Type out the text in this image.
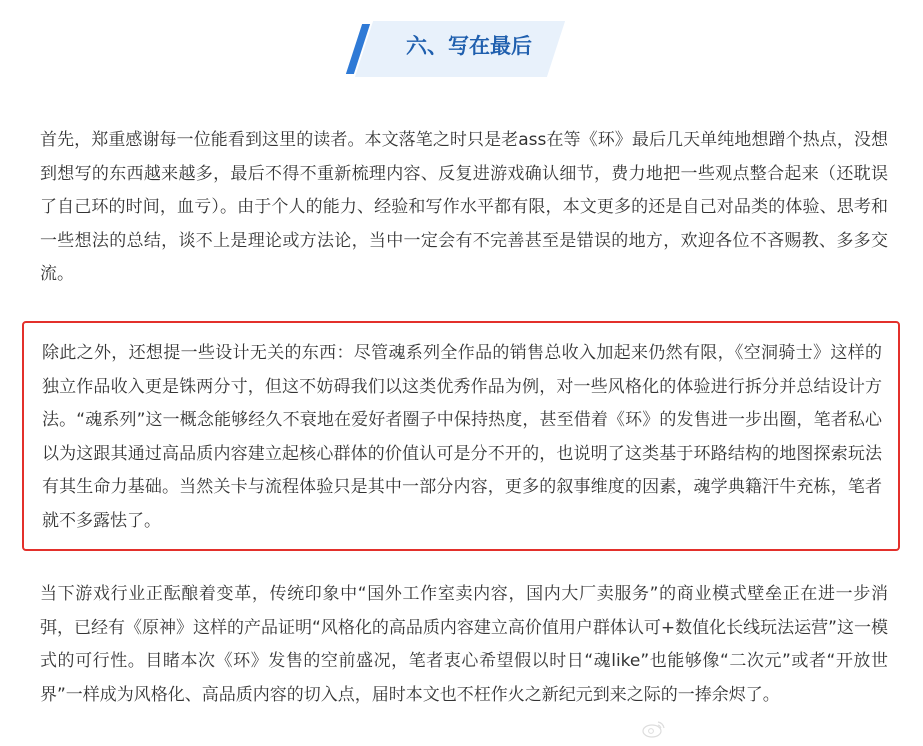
六、写在最后

首先，郑重感谢每一位能看到这里的读者。本文落笔之时只是老ass在等《环》最后几天单纯地想蹭个热点，没想到想写的东西越来越多，最后不得不重新梳理内容、反复进游戏确认细节，费力地把一些观点整合起来（还耽误了自己环的时间，血亏）。由于个人的能力、经验和写作水平都有限，本文更多的还是自己对品类的体验、思考和一些想法的总结，谈不上是理论或方法论，当中一定会有不完善甚至是错误的地方，欢迎各位不吝赐教、多多交流。

除此之外，还想提一些设计无关的东西：尽管魂系列全作品的销售总收入加起来仍然有限，《空洞骑士》这样的独立作品收入更是铢两分寸，但这不妨碍我们以这类优秀作品为例，对一些风格化的体验进行拆分并总结设计方法。“魂系列”这一概念能够经久不衰地在爱好者圈子中保持热度，甚至借着《环》的发售进一步出圈，笔者私心以为这跟其通过高品质内容建立起核心群体的价值认可是分不开的，也说明了这类基于环路结构的地图探索玩法有其生命力基础。当然关卡与流程体验只是其中一部分内容，更多的叙事维度的因素，魂学典籍汗牛充栋，笔者就不多露怯了。

当下游戏行业正酝酿着变革，传统印象中“国外工作室卖内容，国内大厂卖服务”的商业模式壁垒正在进一步消弭，已经有《原神》这样的产品证明“风格化的高品质内容建立高价值用户群体认可+数值化长线玩法运营”这一模式的可行性。目睹本次《环》发售的空前盛况，笔者衷心希望假以时日“魂like”也能够像“二次元”或者“开放世界”一样成为风格化、高品质内容的切入点，届时本文也不枉作火之新纪元到来之际的一捧余烬了。
